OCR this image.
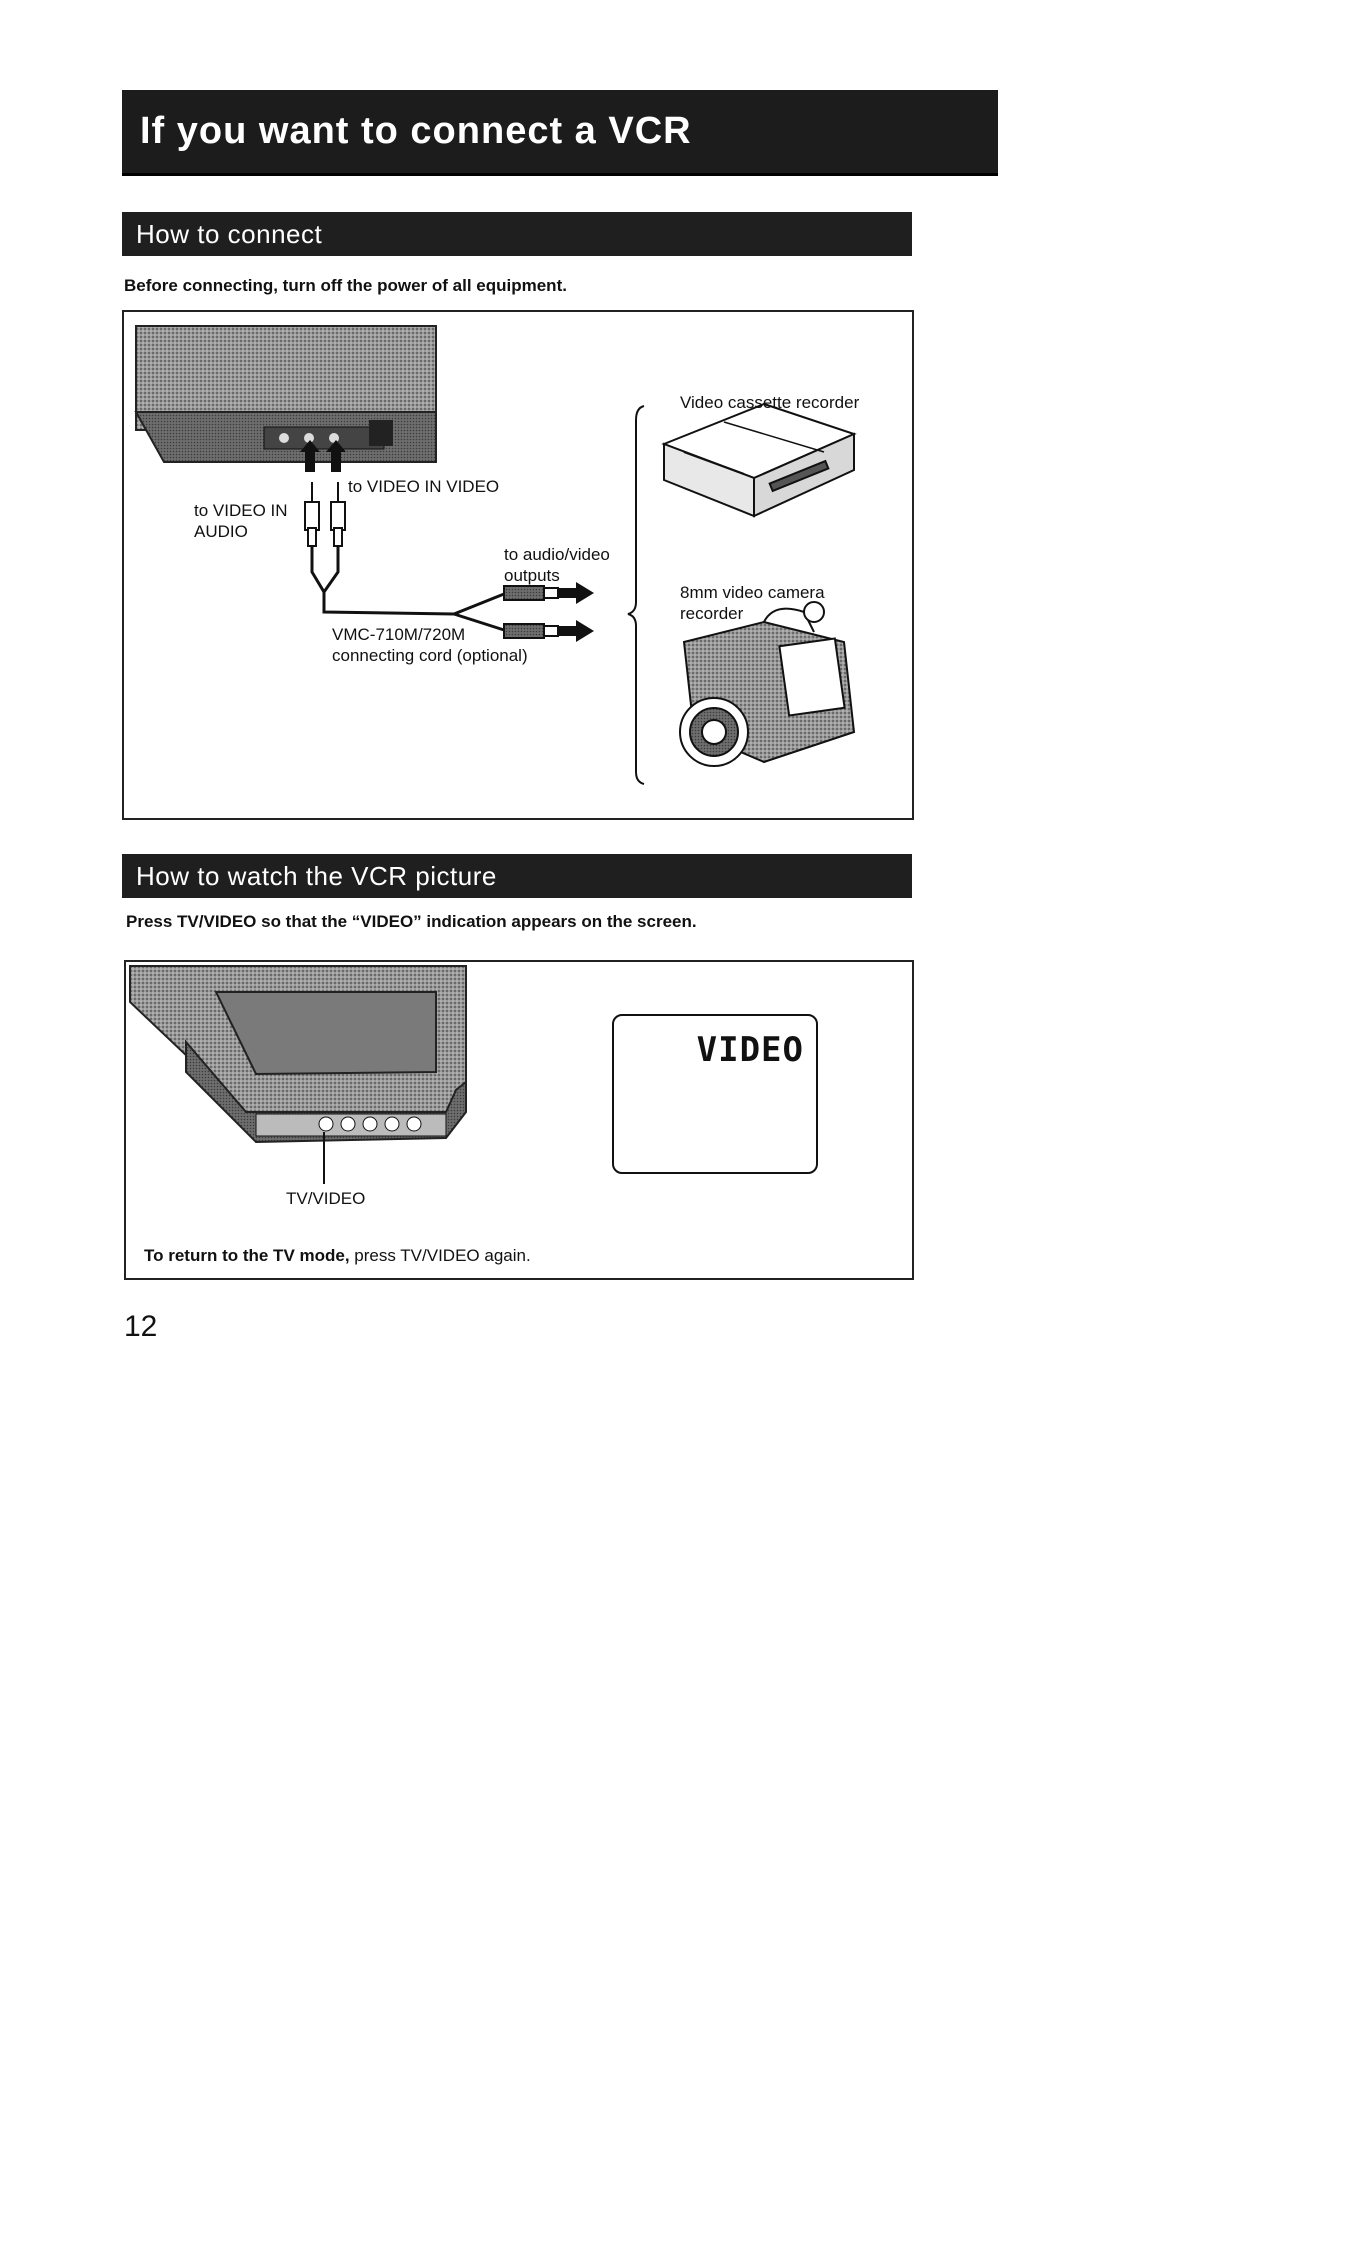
If you want to connect a VCR
How to connect
Before connecting, turn off the power of all equipment.
to VIDEO IN VIDEO
to VIDEO IN
AUDIO
to audio/video
outputs
VMC-710M/720M
connecting cord (optional)
Video cassette recorder
8mm video camera
recorder
How to watch the VCR picture
Press TV/VIDEO so that the “VIDEO” indication appears on the screen.
TV/VIDEO
VIDEO
To return to the TV mode, press TV/VIDEO again.
12
